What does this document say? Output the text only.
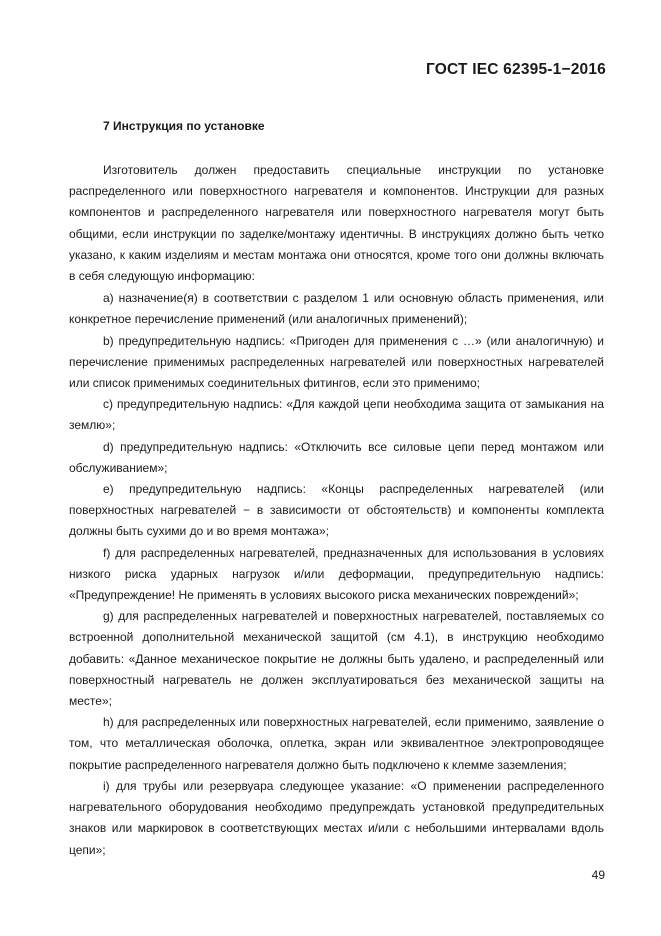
ГОСТ IEC 62395-1−2016
7 Инструкция по установке

Изготовитель должен предоставить специальные инструкции по установке распределенного или поверхностного нагревателя и компонентов. Инструкции для разных компонентов и распределенного нагревателя или поверхностного нагревателя могут быть общими, если инструкции по заделке/монтажу идентичны. В инструкциях должно быть четко указано, к каким изделиям и местам монтажа они относятся, кроме того они должны включать в себя следующую информацию:

а) назначение(я) в соответствии с разделом 1 или основную область применения, или конкретное перечисление применений (или аналогичных применений);

b) предупредительную надпись: «Пригоден для применения с …» (или аналогичную) и перечисление применимых распределенных нагревателей или поверхностных нагревателей или список применимых соединительных фитингов, если это применимо;

c) предупредительную надпись: «Для каждой цепи необходима защита от замыкания на землю»;

d) предупредительную надпись: «Отключить все силовые цепи перед монтажом или обслуживанием»;

e) предупредительную надпись: «Концы распределенных нагревателей (или поверхностных нагревателей − в зависимости от обстоятельств) и компоненты комплекта должны быть сухими до и во время монтажа»;

f) для распределенных нагревателей, предназначенных для использования в условиях низкого риска ударных нагрузок и/или деформации, предупредительную надпись: «Предупреждение! Не применять в условиях высокого риска механических повреждений»;

g) для распределенных нагревателей и поверхностных нагревателей, поставляемых со встроенной дополнительной механической защитой (см 4.1), в инструкцию необходимо добавить: «Данное механическое покрытие не должны быть удалено, и распределенный или поверхностный нагреватель не должен эксплуатироваться без механической защиты на месте»;

h) для распределенных или поверхностных нагревателей, если применимо, заявление о том, что металлическая оболочка, оплетка, экран или эквивалентное электропроводящее покрытие распределенного нагревателя должно быть подключено к клемме заземления;

i) для трубы или резервуара следующее указание: «О применении распределенного нагревательного оборудования необходимо предупреждать установкой предупредительных знаков или маркировок в соответствующих местах и/или с небольшими интервалами вдоль цепи»;

49
